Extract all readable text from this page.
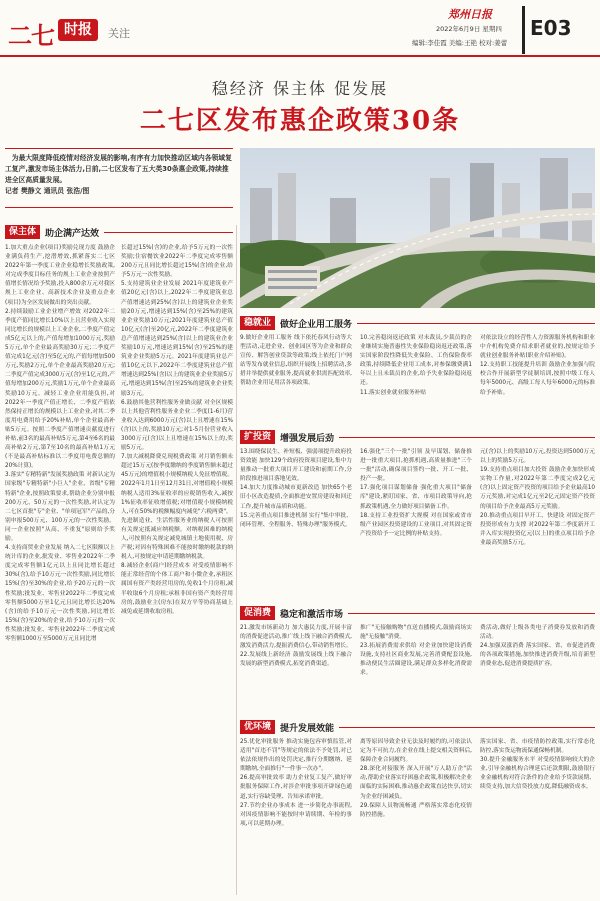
二七 时报	关注
郑州日报
2022年6月9日 星期四
编辑:李佳霞 美编:王艳 校对:姜蕾
E03
稳经济 保主体 促发展
二七区发布惠企政策30条

为最大限度降低疫情对经济发展的影响,有序有力加快推动区域内各领域复工复产,激发市场主体活力,日前,二七区发布了五大类30条惠企政策,持续推进全区高质量发展。

记者 樊静文 通讯员 张浩/图

保主体	助企满产达效
1.加大重点企业(项目)奖励兑现力度 鼓励企业满负荷生产,挖潜增效,抓紧落实二七区2022年第一季度工业企业稳增长奖励政策,对完成季度目标任务的规上工业企业按照产值增长情况给予奖励,投入800余万元对我区规上工业企业、高新技术企业及重点企业(项目)为全区发展做出的突出贡献。
2.持续鼓励工业企业增产增效 对2022年二季度产值同比增长10%以上且营业收入实现同比增长的规模以上工业企业,二季度产值完成5亿元以上的,产值每增加1000万元,奖励5万元,单个企业最高奖励30万元;二季度产值完成1亿元(含)至5亿元的,产值每增加500万元,奖励2万元,单个企业最高奖励20万元;二季度产值完成3000万元(含)至1亿元的,产值每增加200万元,奖励1万元,单个企业最高奖励10万元。减轻工业企业用能负担,对2022年一季度产值正增长、二季度产值依然保持正增长的规模以上工业企业,对其二季度用电费用给予20%补贴,单个企业最高补贴5万元。按照二季度产值增速贡献度进行补贴,前3名的最高补贴5万元,第4至6名的最高补贴2万元,第7至10名的最高补贴1万元(不是最高补贴标准以二季度用电费总额的20%计算)。
3.落实"专精特新"发展奖励政策 对新认定为国家级"专精特新"小巨人"企业、省级"专精特新"企业,按照政策要求,帮助企业分别申报200万元、50万元的一次性奖励,对认定为二七区首批"专"企业、"单项冠军"产品的,分别申报500万元、100万元的一次性奖励。同一企业按照"从高、不重复"原则给予奖励。
4.支持商贸业企业发展 纳入二七区限额以上统计库的企业,批发业、零售业2022年二季度完成零售额1亿元以上且同比增长超过30%(含),给予10万元一次性奖励,同比增长15%(含)至30%的企业,给予20万元的一次性奖励;批发业、零售业2022年二季度完成零售额5000万至1亿元且同比增长达20%(含)的给予10万元一次性奖励,同比增长15%(含)至20%的企业,给予10万元的一次性奖励;批发业、零售业2022年二季度完成零售额1000万至5000万元且同比增
长超过15%(含)的企业,给予5万元的一次性奖励;住宿餐饮业2022年二季度完成零售额200万元且同比增长超过15%(含)的企业,给予5万元一次性奖励。
5.支持建筑业企业发展 2021年度建筑业产值20亿元(含)以上,2022年二季度建筑业总产值增速达到25%(含)以上的建筑业企业奖励20万元,增速达到15%(含)至25%的建筑业企业奖励10万元;2021年度建筑业总产值10亿元(含)至20亿元,2022年二季度建筑业总产值增速达到25%(含)以上的建筑业企业奖励10万元,增速达到15%(含)至25%的建筑业企业奖励5万元。2021年度建筑业总产值10亿元以下,2022年二季度建筑业总产值增速达到25%(含)以上的建筑业企业奖励5万元,增速达到15%(含)至25%的建筑业企业奖励3万元。
6.鼓励其他营利性服务业做贡献 对全区规模以上其他营利性服务业企业二季度(1-6月)营业收入达到6000万元(含)以上且增速在15%(含)以上的,奖励10万元;对1-5月份营业收入3000万元(含)以上且增速在15%以上的,奖励5万元。
7.加大减税降费兑现税费政策 对月销售额未超过15万元(按季度缴纳的季度销售额未超过45万元)的增值税小规模纳税人免征增值税。2022年1月1日至12月31日,对增值税小规模纳税人适用3%征收率的应税销售收入,减按1%征收率征收增值税;对增值税小规模纳税人,可在50%的税额幅度内减免"六税两费"。
先进制造业、生活性服务业的纳税人可按照有关规定抵减应纳税额。对纳税困难的纳税人,可按照有关规定减免城镇土地使用税、房产税;对因有特殊困难不能按时缴纳税款的纳税人,可按规定申请延期缴纳税款。
8.减轻企业(商户)经营成本 对受疫情影响不能正常经营的个体工商户和小微企业,承租区属国有资产类经营用房的,免收1个月房租,减半收取6个月房租;承租非国有资产类经营用房的,鼓励业主(房东)在双方平等协商基础上减免或延期收取房租。
稳就业	做好企业用工服务
9.做好企业用工服务 线下依托春风行动等大型活动,走进企业、创业园区等为企业和群众宣传、解答创业贷款等政策;线上依托门户网站等发布就业信息,组织开展线上招聘活动,多措并举提供就业服务,提高就业供需匹配效率,帮助企业用足用活各项政策。
10.完善稳岗返还政策 对未裁员,少裁员的企业继续实施普惠性失业保险稳岗返还政策,落实国家阶段性降低失业保险、工伤保险费率政策,持续降低企业用工成本,对参保缴费满1年以上且未裁员的企业,给予失业保险稳岗返还。
11.落实创业就业服务补贴
对依法设立的经营性人力资源服务机构和职业中介机构免费介绍求职者就业的,按规定给予就业创业服务补贴(职业介绍补贴)。
12.支持职工技能提升培训 鼓励企业加强与院校合作开展新型学徒制培训,按照中级工每人每年5000元、高级工每人每年6000元的标准给予补贴。
扩投资	增强发展后劲
13.围绕保民生、补短板、强弱项提升政府投资效能 加快129个政府投资项目建设,集中力量推动一批重大项目开工建设和前期工作,分阶段推进项目落地见效。
14.加大力度推动城市更新改造 加快65个老旧小区改造提质,全面推进安置房建设和回迁工作,提升城市品质和功能。
15.完善重点项目推进机制 实行"集中审批、闭环管理、全程服务、特殊办理"服务模式。
16.强化"三个一批"引领 及早谋划、储备推进一批重大项目,抢抓机遇,高质量推进"三个一批"活动,确保项目签约一批、开工一批、投产一批。
17.强化项目谋划储备 强化重大项目"储备库"建设,紧盯国家、省、市项目政策导向,抢抓政策机遇,全力做好项目储备工作。
18.支持工业投资扩大规模 对在国家或省市级产业园区投资建设的工业项目,对其固定资产投资给予一定比例的补贴支持。
元(含)以上的奖励10万元,投资达到5000万元以上的奖励5万元。
19.支持重点项目加大投资 鼓励企业加快形成实物工作量,对2022年第二季度完成2亿元(含)以上固定资产投资的项目给予企业最高10万元奖励,对完成1亿元至2亿元固定资产投资的项目给予企业最高5万元奖励。
20.推动重点项目早开工、快建设 对固定资产投资形成有力支撑 对2022年第二季度新开工并入库实现投资亿元(以上)的重点项目给予企业最高奖励5万元。
促消费	稳定和激活市场
21.激发市场新动力 加大惠民力度,开展丰富的消费促进活动,推广线上线下融合消费模式,激发消费活力,提振消费信心,带动销售增长。
22.发展线上新经济 鼓励发展线上线下融合发展的新型消费模式,拓宽消费渠道。
推广"无接触购物"直送直播模式,鼓励商场实施"无接触"消费。
23.拓展消费需求供给 对企业加快建设消费设施,支持社区商业发展,完善消费配套设施,推动便民生活圈建设,满足群众多样化消费需求。
费活动,做好上级各类电子消费券发放和消费活动。
24.加强双涨消费 落实国家、省、市促进消费的各项政策措施,加快推进消费升级,培育新型消费业态,促进消费提质扩容。
优环境	提升发展效能
25.优化审批服务 推动实施包容审慎监管,对适用"首违不罚"等规定的依法不予处罚,对已依法依规作出的处罚决定,推行分期缴纳、延期缴纳,全面推行"一件事一次办"。
26.提高审批效率 助力企业复工复产,做好审批服务保障工作,对涉企审批事项开辟绿色通道,实行容缺受理、告知承诺审批。
27.节约企业办事成本 进一步简化办事流程,对因疫情影响不能按时申请续期、年检的事项,可以延期办理。
离等原因导致企业无法及时履约的,可依法认定为不可抗力,在企业在线上提交相关资料后,保障企业合同履约。
28.深化对接服务 深入开展"万人助万企"活动,帮助企业落实纾困惠企政策,积极解决企业面临的实际困难,推动惠企政策直达快享,切实为企业纾困减负。
29.保障人员物流畅通 严格落实常态化疫情防控措施。
落实国家、省、市疫情防控政策,实行常态化防控,落实货运物流保通保畅机制。
30.提升金融服务水平 对受疫情影响较大的企业,引导金融机构合理延后还款期限,鼓励银行业金融机构对符合条件的企业给予贷款展期、续贷支持,加大信贷投放力度,降低融资成本。
